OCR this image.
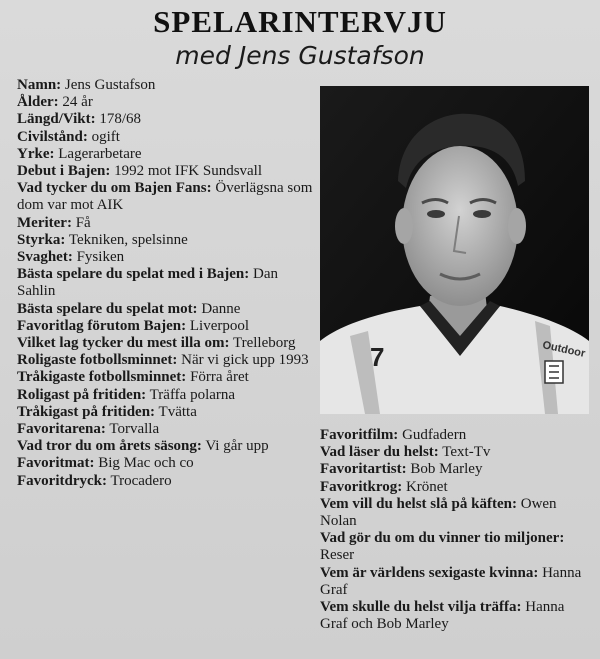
SPELARINTERVJU
med Jens Gustafson
Namn: Jens Gustafson
Ålder: 24 år
Längd/Vikt: 178/68
Civilstånd: ogift
Yrke: Lagerarbetare
Debut i Bajen: 1992 mot IFK Sundsvall
Vad tycker du om Bajen Fans: Överlägsna som dom var mot AIK
Meriter: Få
Styrka: Tekniken, spelsinne
Svaghet: Fysiken
Bästa spelare du spelat med i Bajen: Dan Sahlin
Bästa spelare du spelat mot: Danne
Favoritlag förutom Bajen: Liverpool
Vilket lag tycker du mest illa om: Trelleborg
Roligaste fotbollsminnet: När vi gick upp 1993
Tråkigaste fotbollsminnet: Förra året
Roligast på fritiden: Träffa polarna
Tråkigast på fritiden: Tvätta
Favoritarena: Torvalla
Vad tror du om årets säsong: Vi går upp
Favoritmat: Big Mac och co
Favoritdryck: Trocadero
Outdoor
7
Favoritfilm: Gudfadern
Vad läser du helst: Text-Tv
Favoritartist: Bob Marley
Favoritkrog: Krönet
Vem vill du helst slå på käften: Owen Nolan
Vad gör du om du vinner tio miljoner: Reser
Vem är världens sexigaste kvinna: Hanna Graf
Vem skulle du helst vilja träffa: Hanna Graf och Bob Marley
